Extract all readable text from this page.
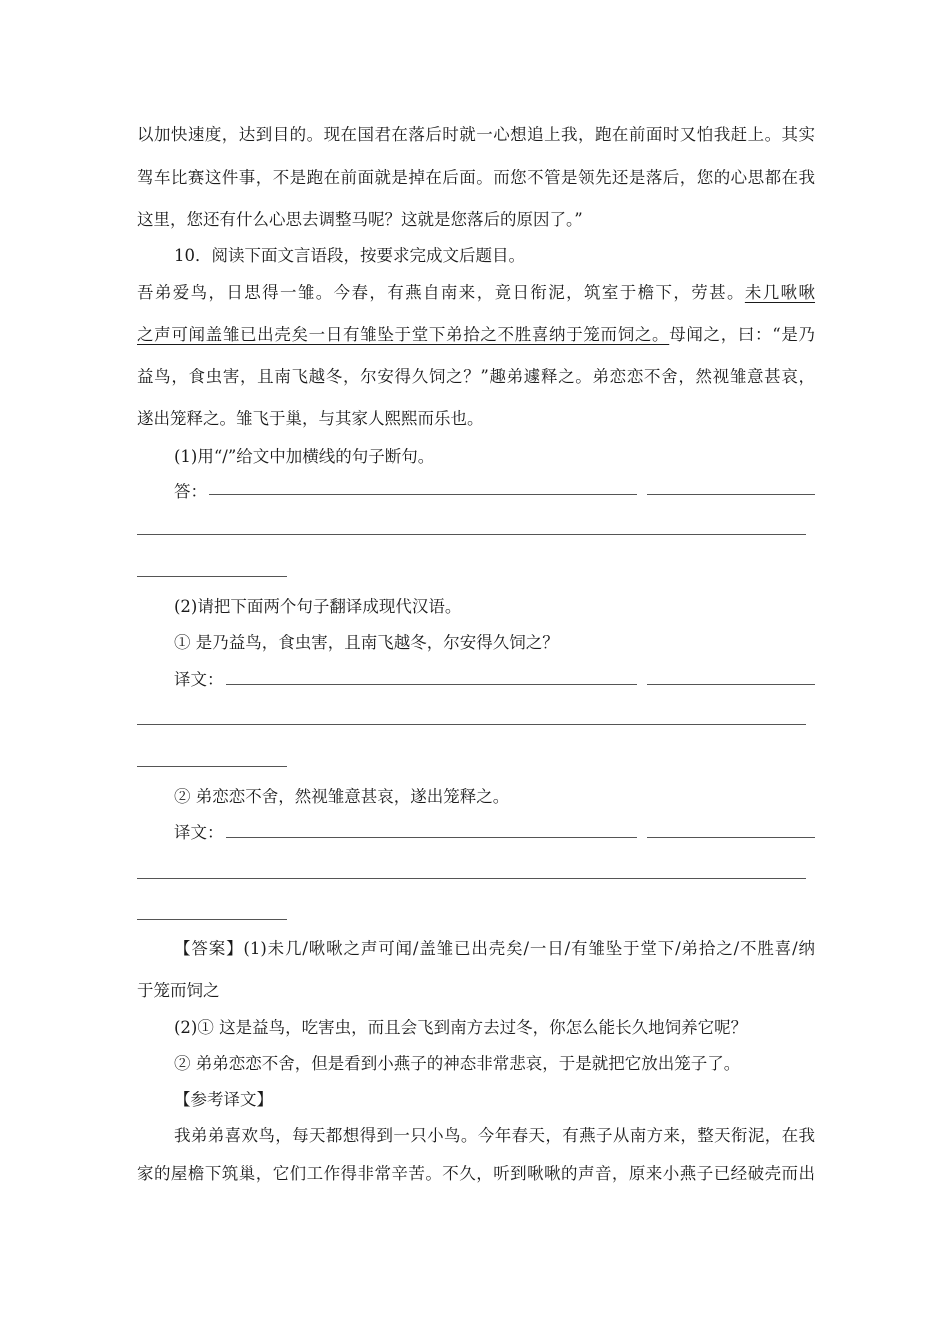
以加快速度，达到目的。现在国君在落后时就一心想追上我，跑在前面时又怕我赶上。其实
驾车比赛这件事，不是跑在前面就是掉在后面。而您不管是领先还是落后，您的心思都在我
这里，您还有什么心思去调整马呢？这就是您落后的原因了。”
10．阅读下面文言语段，按要求完成文后题目。
吾弟爱鸟，日思得一雏。今春，有燕自南来，竟日衔泥，筑室于檐下，劳甚。未几啾啾
之声可闻盖雏已出壳矣一日有雏坠于堂下弟拾之不胜喜纳于笼而饲之。母闻之，曰：“是乃
益鸟，食虫害，且南飞越冬，尔安得久饲之？”趣弟遽释之。弟恋恋不舍，然视雏意甚哀，
遂出笼释之。雏飞于巢，与其家人熙熙而乐也。
(1)用“/”给文中加横线的句子断句。
答：
(2)请把下面两个句子翻译成现代汉语。
① 是乃益鸟，食虫害，且南飞越冬，尔安得久饲之？
译文：
② 弟恋恋不舍，然视雏意甚哀，遂出笼释之。
译文：
【答案】(1)未几/啾啾之声可闻/盖雏已出壳矣/一日/有雏坠于堂下/弟拾之/不胜喜/纳
于笼而饲之
(2)① 这是益鸟，吃害虫，而且会飞到南方去过冬，你怎么能长久地饲养它呢？
② 弟弟恋恋不舍，但是看到小燕子的神态非常悲哀，于是就把它放出笼子了。
【参考译文】
我弟弟喜欢鸟，每天都想得到一只小鸟。今年春天，有燕子从南方来，整天衔泥，在我
家的屋檐下筑巢，它们工作得非常辛苦。不久，听到啾啾的声音，原来小燕子已经破壳而出
